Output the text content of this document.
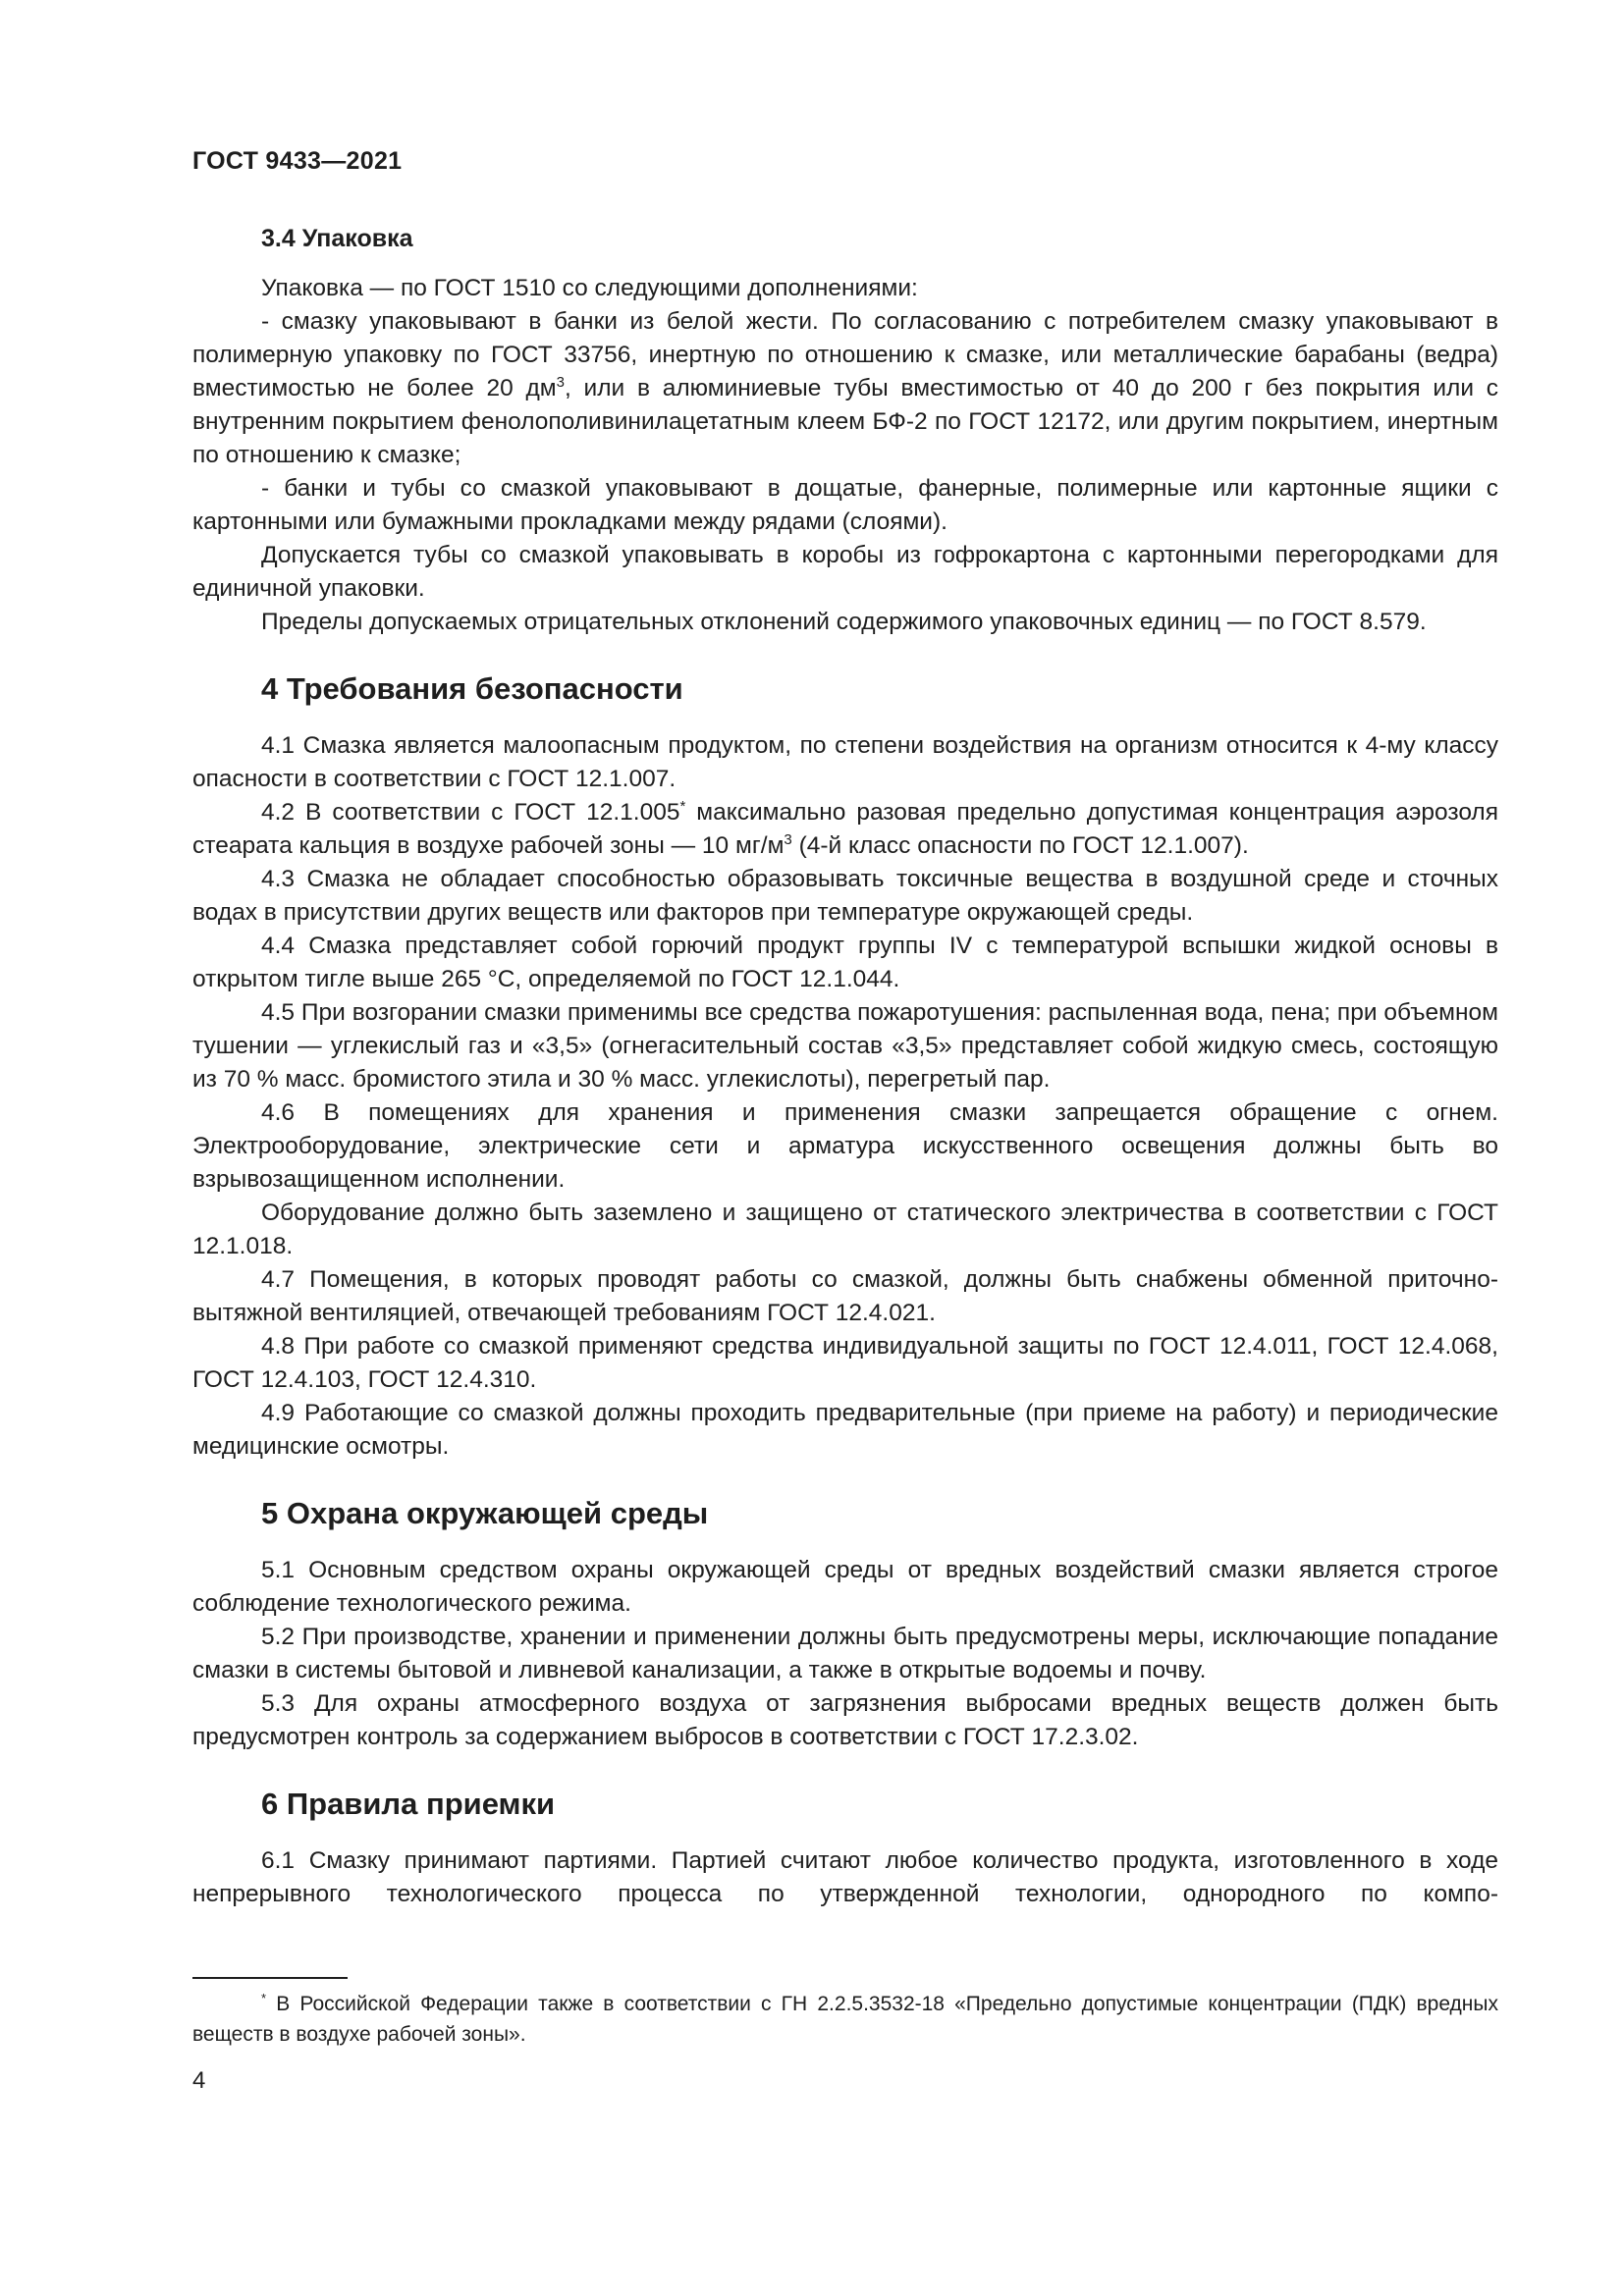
ГОСТ 9433—2021
3.4 Упаковка

Упаковка — по ГОСТ 1510 со следующими дополнениями:

- смазку упаковывают в банки из белой жести. По согласованию с потребителем смазку упаковывают в полимерную упаковку по ГОСТ 33756, инертную по отношению к смазке, или металлические барабаны (ведра) вместимостью не более 20 $дм^3$, или в алюминиевые тубы вместимостью от 40 до 200 г без покрытия или с внутренним покрытием фенолополивинилацетатным клеем БФ-2 по ГОСТ 12172, или другим покрытием, инертным по отношению к смазке;

- банки и тубы со смазкой упаковывают в дощатые, фанерные, полимерные или картонные ящики с картонными или бумажными прокладками между рядами (слоями).

Допускается тубы со смазкой упаковывать в коробы из гофрокартона с картонными перегородками для единичной упаковки.

Пределы допускаемых отрицательных отклонений содержимого упаковочных единиц — по ГОСТ 8.579.

4 Требования безопасности

4.1 Смазка является малоопасным продуктом, по степени воздействия на организм относится к 4-му классу опасности в соответствии с ГОСТ 12.1.007.

4.2 В соответствии с ГОСТ 12.1.005* максимально разовая предельно допустимая концентрация аэрозоля стеарата кальция в воздухе рабочей зоны — 10 $мг/м^3$ (4-й класс опасности по ГОСТ 12.1.007).

4.3 Смазка не обладает способностью образовывать токсичные вещества в воздушной среде и сточных водах в присутствии других веществ или факторов при температуре окружающей среды.

4.4 Смазка представляет собой горючий продукт группы IV с температурой вспышки жидкой основы в открытом тигле выше 265 °С, определяемой по ГОСТ 12.1.044.

4.5 При возгорании смазки применимы все средства пожаротушения: распыленная вода, пена; при объемном тушении — углекислый газ и «3,5» (огнегасительный состав «3,5» представляет собой жидкую смесь, состоящую из 70 % масс. бромистого этила и 30 % масс. углекислоты), перегретый пар.

4.6 В помещениях для хранения и применения смазки запрещается обращение с огнем. Электрооборудование, электрические сети и арматура искусственного освещения должны быть во взрывозащищенном исполнении.

Оборудование должно быть заземлено и защищено от статического электричества в соответствии с ГОСТ 12.1.018.

4.7 Помещения, в которых проводят работы со смазкой, должны быть снабжены обменной приточно-вытяжной вентиляцией, отвечающей требованиям ГОСТ 12.4.021.

4.8 При работе со смазкой применяют средства индивидуальной защиты по ГОСТ 12.4.011, ГОСТ 12.4.068, ГОСТ 12.4.103, ГОСТ 12.4.310.

4.9 Работающие со смазкой должны проходить предварительные (при приеме на работу) и периодические медицинские осмотры.

5 Охрана окружающей среды

5.1 Основным средством охраны окружающей среды от вредных воздействий смазки является строгое соблюдение технологического режима.

5.2 При производстве, хранении и применении должны быть предусмотрены меры, исключающие попадание смазки в системы бытовой и ливневой канализации, а также в открытые водоемы и почву.

5.3 Для охраны атмосферного воздуха от загрязнения выбросами вредных веществ должен быть предусмотрен контроль за содержанием выбросов в соответствии с ГОСТ 17.2.3.02.

6 Правила приемки

6.1 Смазку принимают партиями. Партией считают любое количество продукта, изготовленного в ходе непрерывного технологического процесса по утвержденной технологии, однородного по компо-

* В Российской Федерации также в соответствии с ГН 2.2.5.3532-18 «Предельно допустимые концентрации (ПДК) вредных веществ в воздухе рабочей зоны».

4
